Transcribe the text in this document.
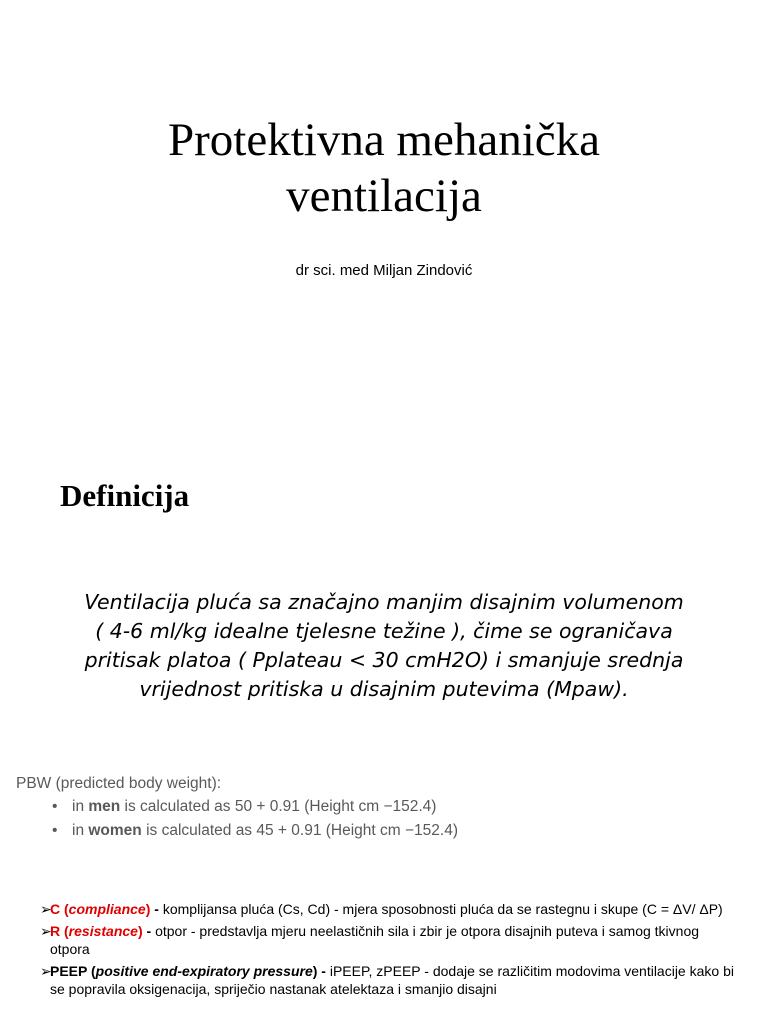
Protektivna mehanička
ventilacija
dr sci. med Miljan Zindović
Definicija
Ventilacija pluća sa značajno manjim disajnim volumenom
( 4-6 ml/kg idealne tjelesne težine ), čime se ograničava
pritisak platoa ( Pplateau < 30 cmH2O) i smanjuje srednja
vrijednost pritiska u disajnim putevima (Mpaw).
PBW (predicted body weight):
• in men is calculated as 50 + 0.91 (Height cm −152.4)
• in women is calculated as 45 + 0.91 (Height cm −152.4)
➢
C (compliance) - komplijansa pluća (Cs, Cd) - mjera sposobnosti pluća da se rastegnu i skupe (C = ΔV/ ΔP)
➢
R (resistance) - otpor - predstavlja mjeru neelastičnih sila i zbir je otpora disajnih puteva i samog tkivnog otpora
➢
PEEP (positive end-expiratory pressure) - iPEEP, zPEEP - dodaje se različitim modovima ventilacije kako bi se popravila oksigenacija, spriječio nastanak atelektaza i smanjio disajni
